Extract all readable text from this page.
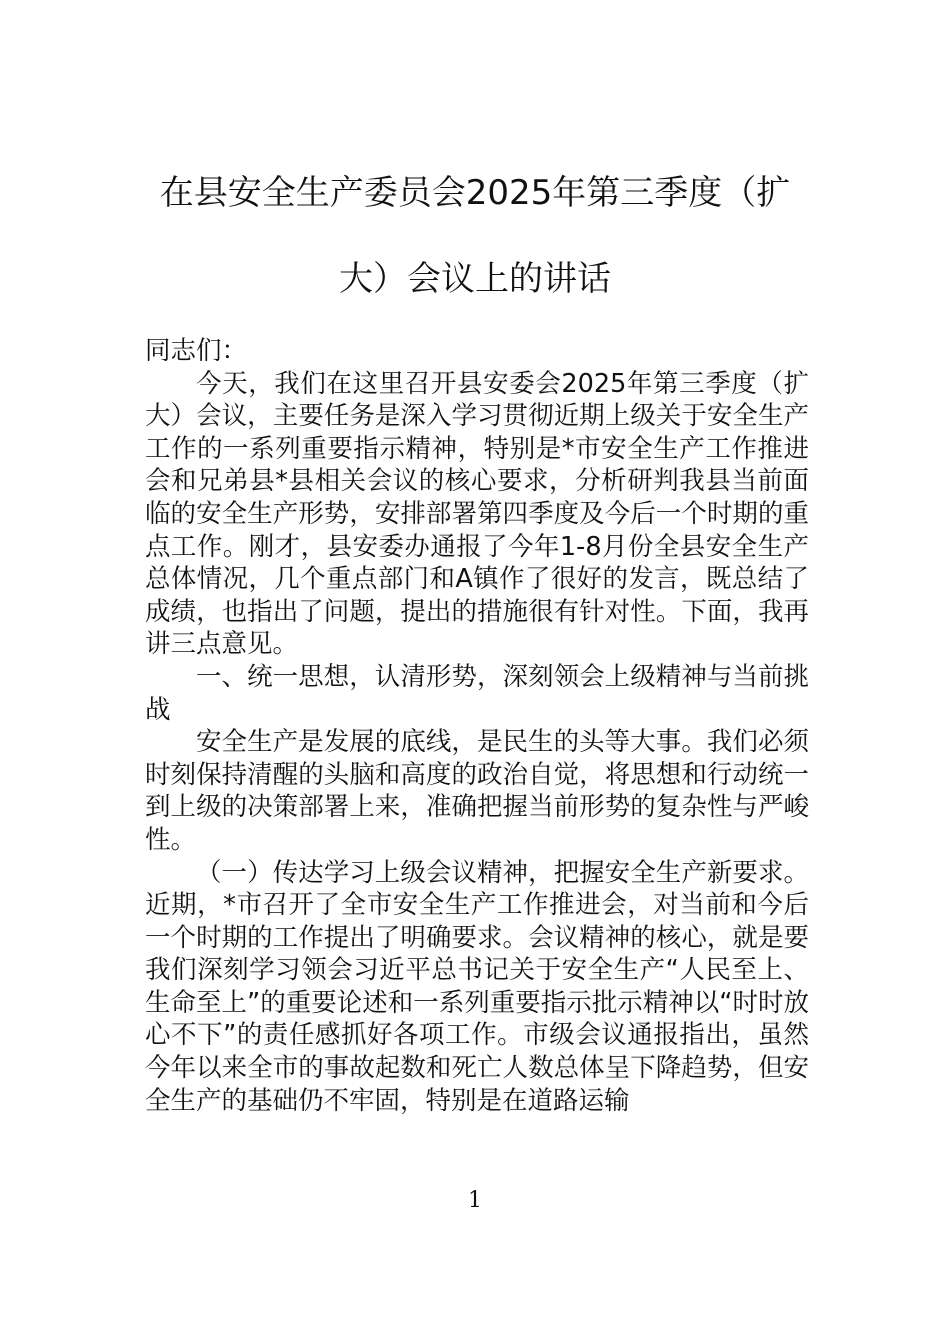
在县安全生产委员会2025年第三季度（扩
大）会议上的讲话

同志们：

今天，我们在这里召开县安委会2025年第三季度（扩大）会议，主要任务是深入学习贯彻近期上级关于安全生产工作的一系列重要指示精神，特别是*市安全生产工作推进会和兄弟县*县相关会议的核心要求，分析研判我县当前面临的安全生产形势，安排部署第四季度及今后一个时期的重点工作。刚才，县安委办通报了今年1-8月份全县安全生产总体情况，几个重点部门和A镇作了很好的发言，既总结了成绩，也指出了问题，提出的措施很有针对性。下面，我再讲三点意见。

一、统一思想，认清形势，深刻领会上级精神与当前挑战

安全生产是发展的底线，是民生的头等大事。我们必须时刻保持清醒的头脑和高度的政治自觉，将思想和行动统一到上级的决策部署上来，准确把握当前形势的复杂性与严峻性。

（一）传达学习上级会议精神，把握安全生产新要求。近期，*市召开了全市安全生产工作推进会，对当前和今后一个时期的工作提出了明确要求。会议精神的核心，就是要我们深刻学习领会习近平总书记关于安全生产“人民至上、生命至上”的重要论述和一系列重要指示批示精神以“时时放心不下”的责任感抓好各项工作。市级会议通报指出，虽然今年以来全市的事故起数和死亡人数总体呈下降趋势，但安全生产的基础仍不牢固，特别是在道路运输

1
